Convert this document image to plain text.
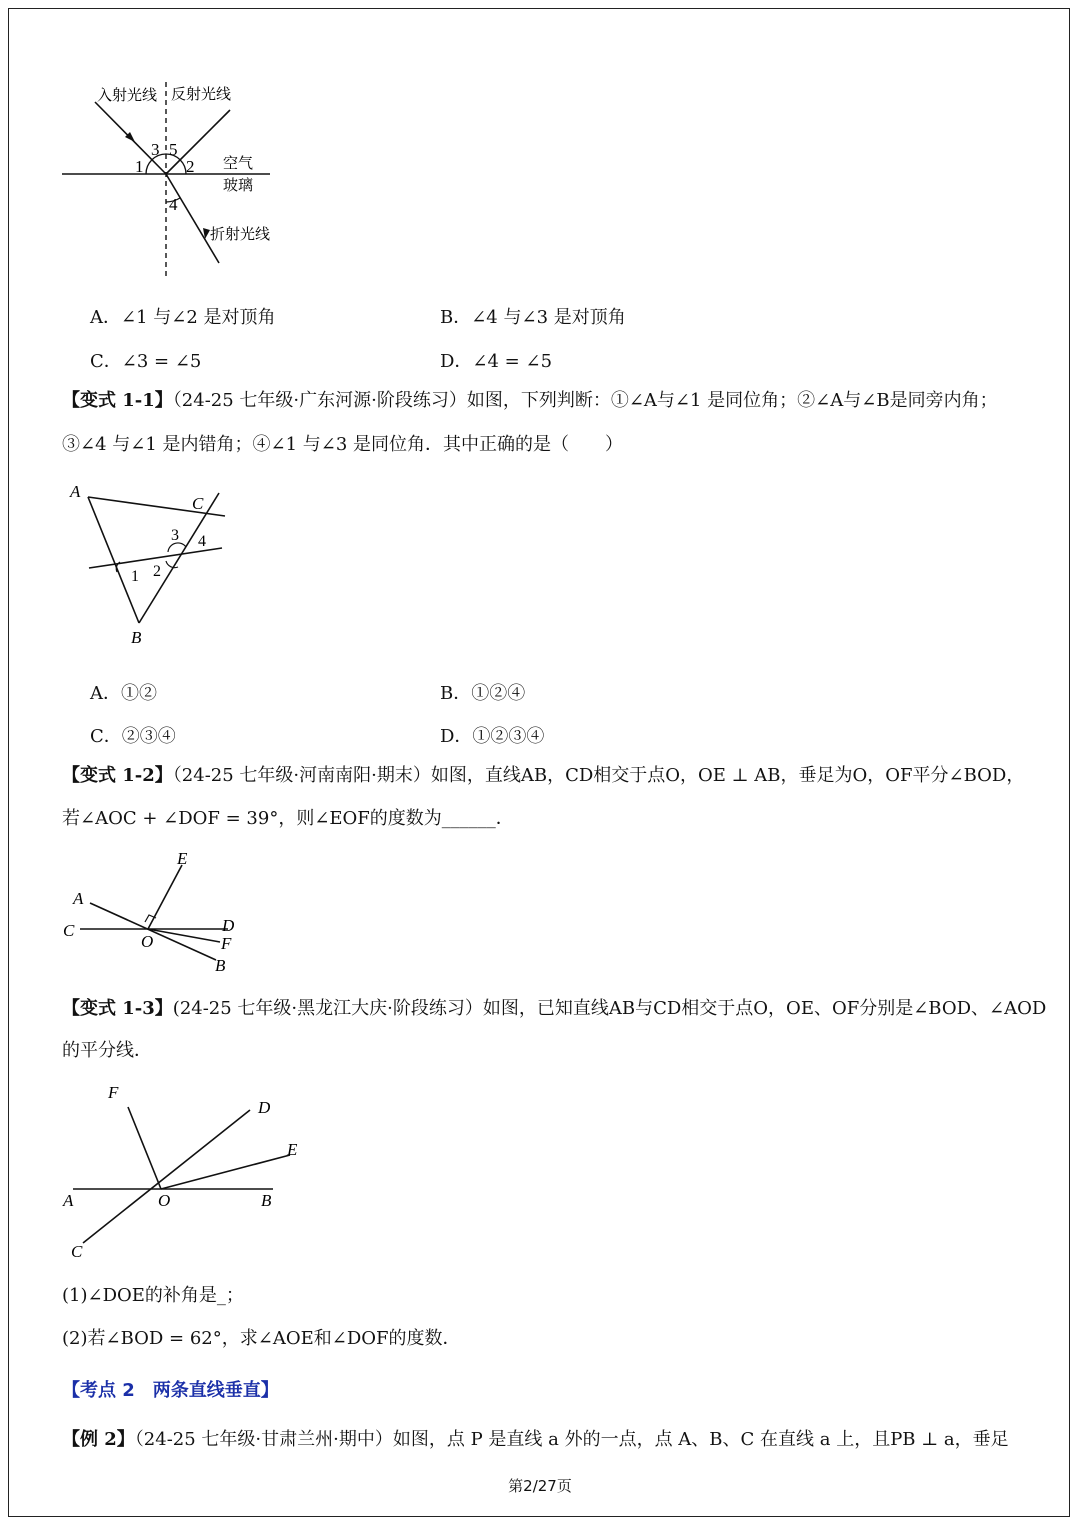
入射光线 反射光线
空气
玻璃
折射光线
1	2
3 5
4
A．∠1 与∠2 是对顶角	B．∠4 与∠3 是对顶角
C．∠3 = ∠5	D．∠4 = ∠5
【变式 1-1】（24-25 七年级·广东河源·阶段练习）如图，下列判断：①∠A与∠1 是同位角；②∠A与∠B是同旁内角；
③∠4 与∠1 是内错角；④∠1 与∠3 是同位角．其中正确的是（　　）
A
C
B
1 2
3 4
A．①②	B．①②④
C．②③④	D．①②③④
【变式 1-2】（24-25 七年级·河南南阳·期末）如图，直线AB，CD相交于点O，OE ⊥ AB，垂足为O，OF平分∠BOD，
若∠AOC + ∠DOF = 39°，则∠EOF的度数为______．
E
A
C	D
O	F
B
【变式 1-3】(24-25 七年级·黑龙江大庆·阶段练习）如图，已知直线AB与CD相交于点O，OE、OF分别是∠BOD、∠AOD
的平分线．
F
D
E
A	O	B
C
(1)∠DOE的补角是_；
(2)若∠BOD = 62°，求∠AOE和∠DOF的度数．
【考点 2　两条直线垂直】
【例 2】（24-25 七年级·甘肃兰州·期中）如图，点 P 是直线 a 外的一点，点 A、B、C 在直线 a 上，且PB ⊥ a，垂足
第2/27页
